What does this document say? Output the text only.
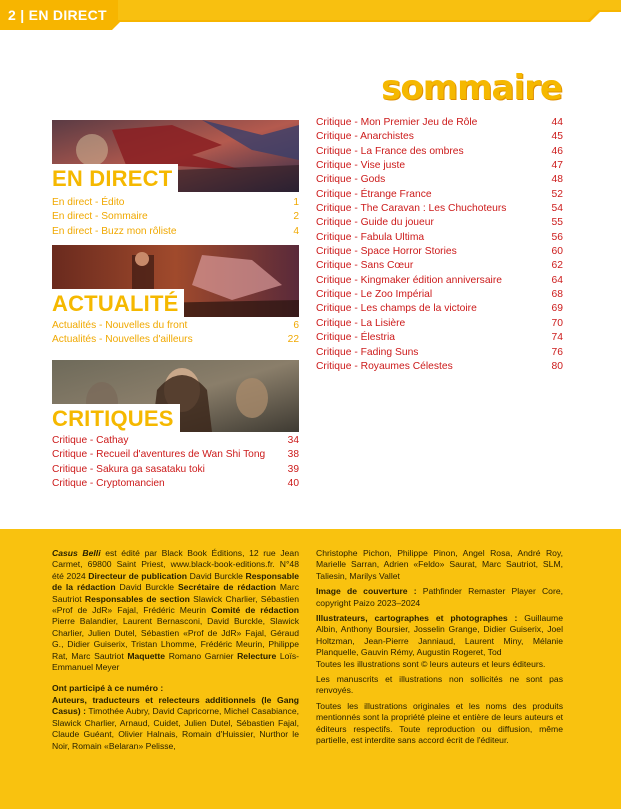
2 | EN DIRECT
sommaire
EN DIRECT
En direct - Édito	1
En direct - Sommaire	2
En direct - Buzz mon rôliste	4
ACTUALITÉ
Actualités - Nouvelles du front	6
Actualités - Nouvelles d'ailleurs	22
CRITIQUES
Critique - Cathay	34
Critique - Recueil d'aventures de Wan Shi Tong 38
Critique - Sakura ga sasataku toki	39
Critique - Cryptomancien	40
Critique - Mon Premier Jeu de Rôle	44
Critique - Anarchistes	45
Critique - La France des ombres	46
Critique - Vise juste	47
Critique - Gods	48
Critique - Étrange France	52
Critique - The Caravan : Les Chuchoteurs	54
Critique - Guide du joueur	55
Critique - Fabula Ultima	56
Critique - Space Horror Stories	60
Critique - Sans Cœur	62
Critique - Kingmaker édition anniversaire	64
Critique - Le Zoo Impérial	68
Critique - Les champs de la victoire	69
Critique - La Lisière	70
Critique - Élestria	74
Critique - Fading Suns	76
Critique - Royaumes Célestes	80

Casus Belli est édité par Black Book Éditions, 12 rue Jean Carmet, 69800 Saint Priest, www.black-book-editions.fr. N°48 été 2024 Directeur de publication David Burckle Responsable de la rédaction David Burckle Secrétaire de rédaction Marc Sautriot Responsables de section Slawick Charlier, Sébastien «Prof de JdR» Fajal, Frédéric Meurin Comité de rédaction Pierre Balandier, Laurent Bernasconi, David Burckle, Slawick Charlier, Julien Dutel, Sébastien «Prof de JdR» Fajal, Géraud G., Didier Guiserix, Tristan Lhomme, Frédéric Meurin, Philippe Rat, Marc Sautriot Maquette Romano Garnier Relecture Loïs-Emmanuel Meyer

Ont participé à ce numéro :

Auteurs, traducteurs et relecteurs additionnels (le Gang Casus) : Timothée Aubry, David Capricorne, Michel Casabiance, Slawick Charlier, Arnaud, Cuidet, Julien Dutel, Sébastien Fajal, Claude Guéant, Olivier Halnais, Romain d'Huissier, Nurthor le Noir, Romain «Belaran» Pelisse,

Christophe Pichon, Philippe Pinon, Angel Rosa, André Roy, Marielle Sarran, Adrien «Feldo» Saurat, Marc Sautriot, SLM, Taliesin, Marilys Vallet

Image de couverture : Pathfinder Remaster Player Core, copyright Paizo 2023–2024

Illustrateurs, cartographes et photographes : Guillaume Albin, Anthony Boursier, Josselin Grange, Didier Guiserix, Joel Holtzman, Jean-Pierre Janniaud, Laurent Miny, Mélanie Planquelle, Gauvin Rémy, Augustin Rogeret, Tod

Toutes les illustrations sont © leurs auteurs et leurs éditeurs.

Les manuscrits et illustrations non sollicités ne sont pas renvoyés.

Toutes les illustrations originales et les noms des produits mentionnés sont la propriété pleine et entière de leurs auteurs et éditeurs respectifs. Toute reproduction ou diffusion, même partielle, est interdite sans accord écrit de l'éditeur.
